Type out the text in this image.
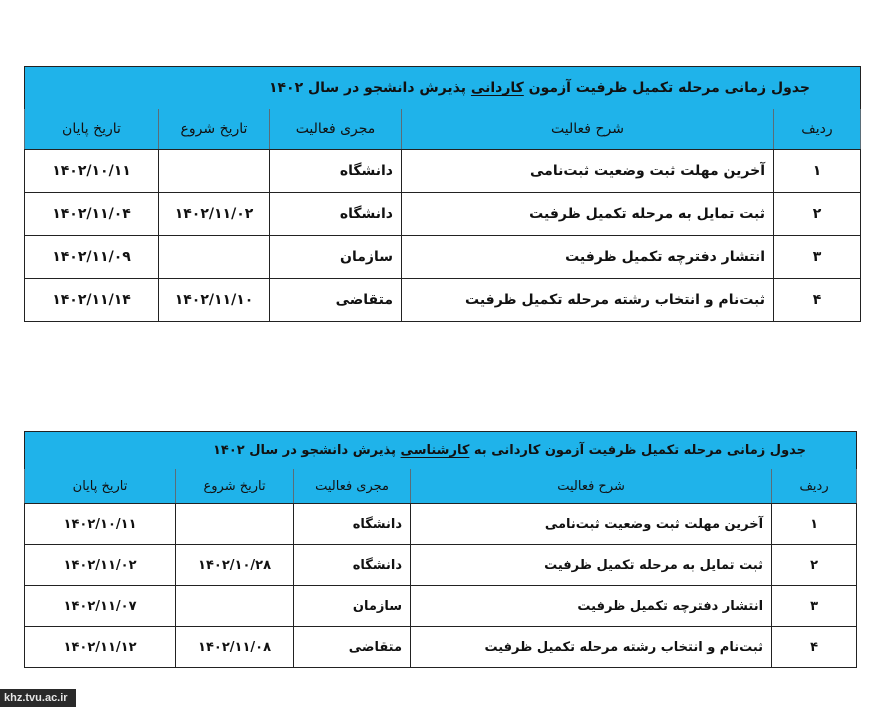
جدول زمانی مرحله تکمیل ظرفیت آزمون کاردانی پذیرش دانشجو در سال ۱۴۰۲				
ردیف	شرح فعالیت	مجری فعالیت	تاریخ شروع	تاریخ پایان
۱	آخرین مهلت ثبت وضعیت ثبت‌نامی	دانشگاه		۱۴۰۲/۱۰/۱۱
۲	ثبت تمایل به مرحله تکمیل ظرفیت	دانشگاه	۱۴۰۲/۱۱/۰۲	۱۴۰۲/۱۱/۰۴
۳	انتشار دفترچه تکمیل ظرفیت	سازمان		۱۴۰۲/۱۱/۰۹
۴	ثبت‌نام و انتخاب رشته مرحله تکمیل ظرفیت	متقاضی	۱۴۰۲/۱۱/۱۰	۱۴۰۲/۱۱/۱۴
جدول زمانی مرحله تکمیل ظرفیت آزمون کاردانی به کارشناسی پذیرش دانشجو در سال ۱۴۰۲				
ردیف	شرح فعالیت	مجری فعالیت	تاریخ شروع	تاریخ پایان
۱	آخرین مهلت ثبت وضعیت ثبت‌نامی	دانشگاه		۱۴۰۲/۱۰/۱۱
۲	ثبت تمایل به مرحله تکمیل ظرفیت	دانشگاه	۱۴۰۲/۱۰/۲۸	۱۴۰۲/۱۱/۰۲
۳	انتشار دفترچه تکمیل ظرفیت	سازمان		۱۴۰۲/۱۱/۰۷
۴	ثبت‌نام و انتخاب رشته مرحله تکمیل ظرفیت	متقاضی	۱۴۰۲/۱۱/۰۸	۱۴۰۲/۱۱/۱۲
khz.tvu.ac.ir
